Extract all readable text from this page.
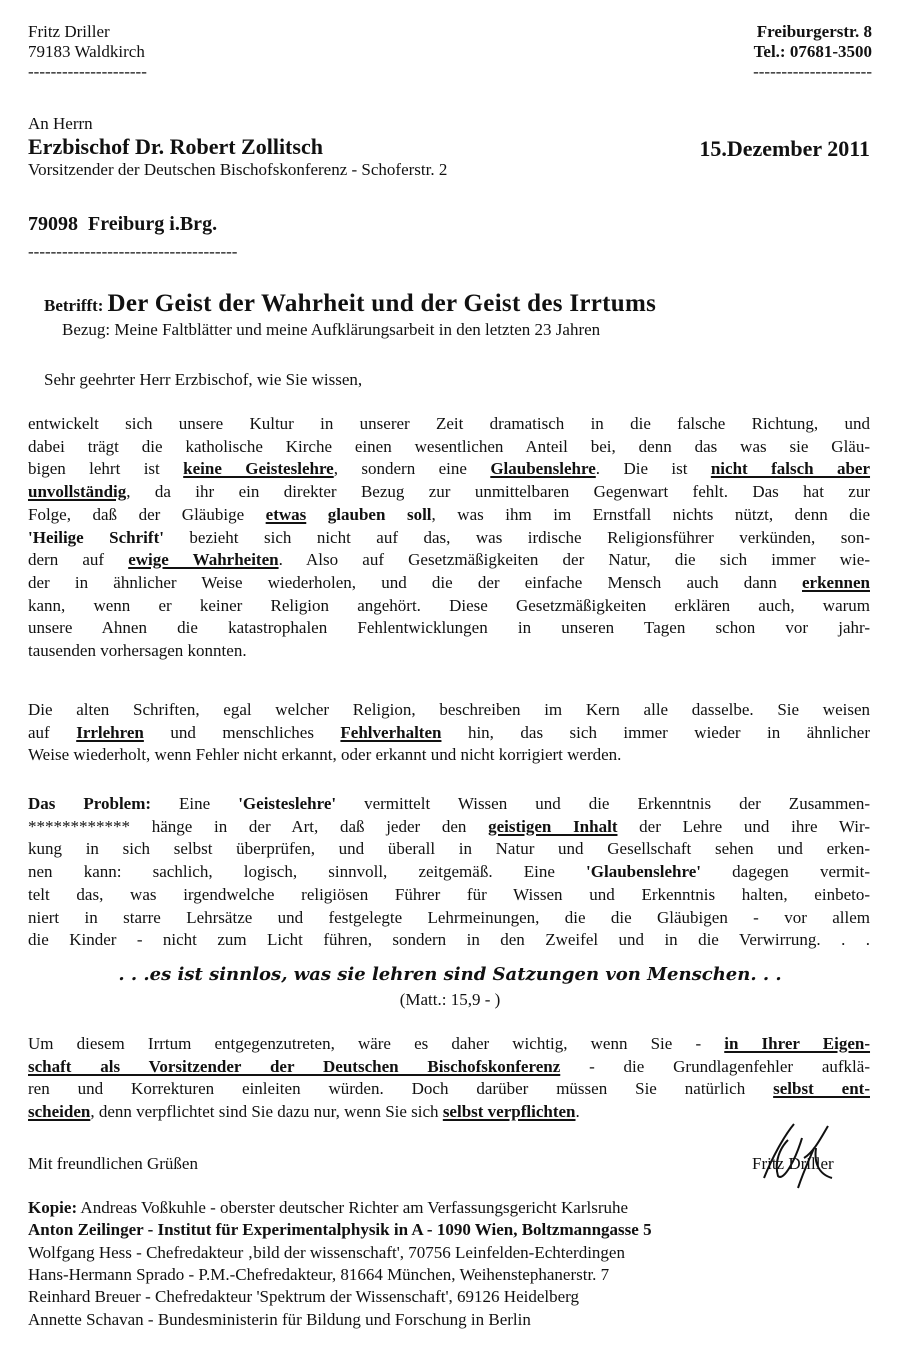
Fritz Driller
79183 Waldkirch
---------------------
Freiburgerstr. 8
Tel.: 07681-3500
---------------------
An Herrn
Erzbischof Dr. Robert Zollitsch
Vorsitzender der Deutschen Bischofskonferenz - Schoferstr. 2
15.Dezember 2011
79098 Freiburg i.Brg.
-------------------------------------
Betrifft: Der Geist der Wahrheit und der Geist des Irrtums
Bezug: Meine Faltblätter und meine Aufklärungsarbeit in den letzten 23 Jahren
Sehr geehrter Herr Erzbischof, wie Sie wissen,
entwickelt sich unsere Kultur in unserer Zeit dramatisch in die falsche Richtung, und
dabei trägt die katholische Kirche einen wesentlichen Anteil bei, denn das was sie Gläu-
bigen lehrt ist keine Geisteslehre, sondern eine Glaubenslehre. Die ist nicht falsch aber
unvollständig, da ihr ein direkter Bezug zur unmittelbaren Gegenwart fehlt. Das hat zur
Folge, daß der Gläubige etwas glauben soll, was ihm im Ernstfall nichts nützt, denn die
'Heilige Schrift' bezieht sich nicht auf das, was irdische Religionsführer verkünden, son-
dern auf ewige Wahrheiten. Also auf Gesetzmäßigkeiten der Natur, die sich immer wie-
der in ähnlicher Weise wiederholen, und die der einfache Mensch auch dann erkennen
kann, wenn er keiner Religion angehört. Diese Gesetzmäßigkeiten erklären auch, warum
unsere Ahnen die katastrophalen Fehlentwicklungen in unseren Tagen schon vor jahr-
tausenden vorhersagen konnten.
Die alten Schriften, egal welcher Religion, beschreiben im Kern alle dasselbe. Sie weisen
auf Irrlehren und menschliches Fehlverhalten hin, das sich immer wieder in ähnlicher
Weise wiederholt, wenn Fehler nicht erkannt, oder erkannt und nicht korrigiert werden.
Das Problem: Eine 'Geisteslehre' vermittelt Wissen und die Erkenntnis der Zusammen-
************ hänge in der Art, daß jeder den geistigen Inhalt der Lehre und ihre Wir-
kung in sich selbst überprüfen, und überall in Natur und Gesellschaft sehen und erken-
nen kann: sachlich, logisch, sinnvoll, zeitgemäß. Eine 'Glaubenslehre' dagegen vermit-
telt das, was irgendwelche religiösen Führer für Wissen und Erkenntnis halten, einbeto-
niert in starre Lehrsätze und festgelegte Lehrmeinungen, die die Gläubigen - vor allem
die Kinder - nicht zum Licht führen, sondern in den Zweifel und in die Verwirrung. . .
. . .es ist sinnlos, was sie lehren sind Satzungen von Menschen. . .
(Matt.: 15,9 - )
Um diesem Irrtum entgegenzutreten, wäre es daher wichtig, wenn Sie - in Ihrer Eigen-
schaft als Vorsitzender der Deutschen Bischofskonferenz - die Grundlagenfehler aufklä-
ren und Korrekturen einleiten würden. Doch darüber müssen Sie natürlich selbst ent-
scheiden, denn verpflichtet sind Sie dazu nur, wenn Sie sich selbst verpflichten.
Mit freundlichen Grüßen	Fritz Driller
Kopie: Andreas Voßkuhle - oberster deutscher Richter am Verfassungsgericht Karlsruhe
Anton Zeilinger - Institut für Experimentalphysik in A - 1090 Wien, Boltzmanngasse 5
Wolfgang Hess - Chefredakteur ‚bild der wissenschaft', 70756 Leinfelden-Echterdingen
Hans-Hermann Sprado - P.M.-Chefredakteur, 81664 München, Weihenstephanerstr. 7
Reinhard Breuer - Chefredakteur 'Spektrum der Wissenschaft', 69126 Heidelberg
Annette Schavan - Bundesministerin für Bildung und Forschung in Berlin
